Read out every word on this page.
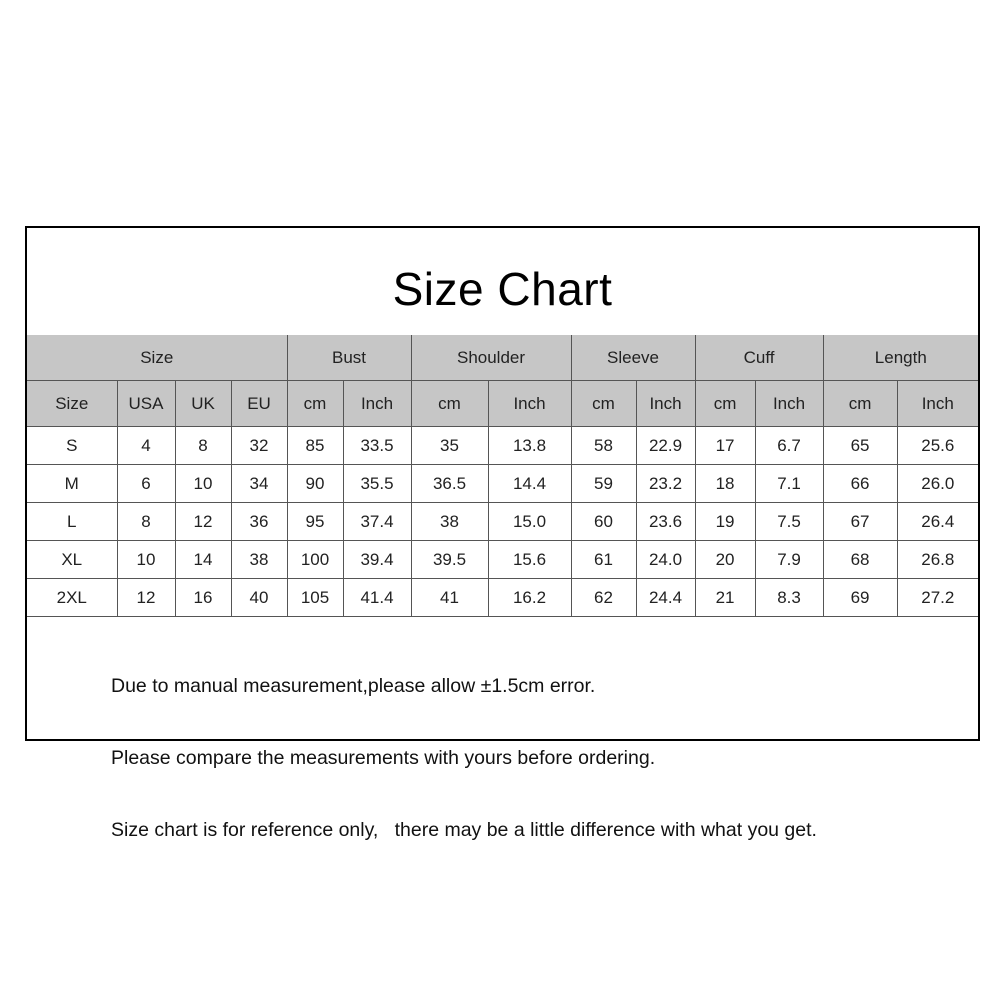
Size Chart
Size				Bust		Shoulder		Sleeve		Cuff		Length	
Size	USA	UK	EU	cm	Inch	cm	Inch	cm	Inch	cm	Inch	cm	Inch
S	4	8	32	85	33.5	35	13.8	58	22.9	17	6.7	65	25.6
M	6	10	34	90	35.5	36.5	14.4	59	23.2	18	7.1	66	26.0
L	8	12	36	95	37.4	38	15.0	60	23.6	19	7.5	67	26.4
XL	10	14	38	100	39.4	39.5	15.6	61	24.0	20	7.9	68	26.8
2XL	12	16	40	105	41.4	41	16.2	62	24.4	21	8.3	69	27.2

Due to manual measurement,please allow ±1.5cm error.

Please compare the measurements with yours before ordering.

Size chart is for reference only,   there may be a little difference with what you get.
